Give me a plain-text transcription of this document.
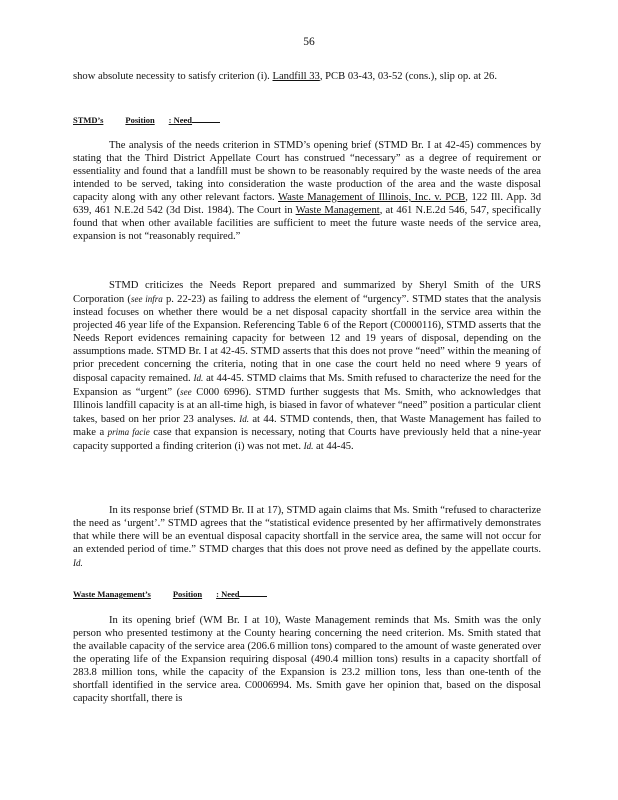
56

show absolute necessity to satisfy criterion (i). Landfill 33, PCB 03-43, 03-52 (cons.), slip op. at 26.

STMD’s	Position : Need

The analysis of the needs criterion in STMD’s opening brief (STMD Br. I at 42-45) commences by stating that the Third District Appellate Court has construed “necessary” as a degree of requirement or essentiality and found that a landfill must be shown to be reasonably required by the waste needs of the area intended to be served, taking into consideration the waste production of the area and the waste disposal capacity along with any other relevant factors. Waste Management of Illinois, Inc. v. PCB, 122 Ill. App. 3d 639, 461 N.E.2d 542 (3d Dist. 1984). The Court in Waste Management, at 461 N.E.2d 546, 547, specifically found that when other available facilities are sufficient to meet the future waste needs of the service area, expansion is not “reasonably required.”

STMD criticizes the Needs Report prepared and summarized by Sheryl Smith of the URS Corporation (see infra p. 22-23) as failing to address the element of “urgency”. STMD states that the analysis instead focuses on whether there would be a net disposal capacity shortfall in the service area within the projected 46 year life of the Expansion. Referencing Table 6 of the Report (C0000116), STMD asserts that the Needs Report evidences remaining capacity for between 12 and 19 years of disposal, depending on the assumptions made. STMD Br. I at 42-45. STMD asserts that this does not prove “need” within the meaning of prior precedent concerning the criteria, noting that in one case the court held no need where 9 years of disposal capacity remained. Id. at 44-45. STMD claims that Ms. Smith refused to characterize the need for the Expansion as “urgent” (see C000 6996). STMD further suggests that Ms. Smith, who acknowledges that Illinois landfill capacity is at an all-time high, is biased in favor of whatever “need” position a particular client takes, based on her prior 23 analyses. Id. at 44. STMD contends, then, that Waste Management has failed to make a prima facie case that expansion is necessary, noting that Courts have previously held that a nine-year capacity supported a finding criterion (i) was not met. Id. at 44-45.

In its response brief (STMD Br. II at 17), STMD again claims that Ms. Smith “refused to characterize the need as ‘urgent’.” STMD agrees that the “statistical evidence presented by her affirmatively demonstrates that while there will be an eventual disposal capacity shortfall in the service area, the same will not occur for an extended period of time.” STMD charges that this does not prove need as defined by the appellate courts. Id.

Waste Management’s	Position : Need

In its opening brief (WM Br. I at 10), Waste Management reminds that Ms. Smith was the only person who presented testimony at the County hearing concerning the need criterion. Ms. Smith stated that the available capacity of the service area (206.6 million tons) compared to the amount of waste generated over the operating life of the Expansion requiring disposal (490.4 million tons) results in a capacity shortfall of 283.8 million tons, while the capacity of the Expansion is 23.2 million tons, less than one-tenth of the shortfall identified in the service area. C0006994. Ms. Smith gave her opinion that, based on the disposal capacity shortfall, there is
